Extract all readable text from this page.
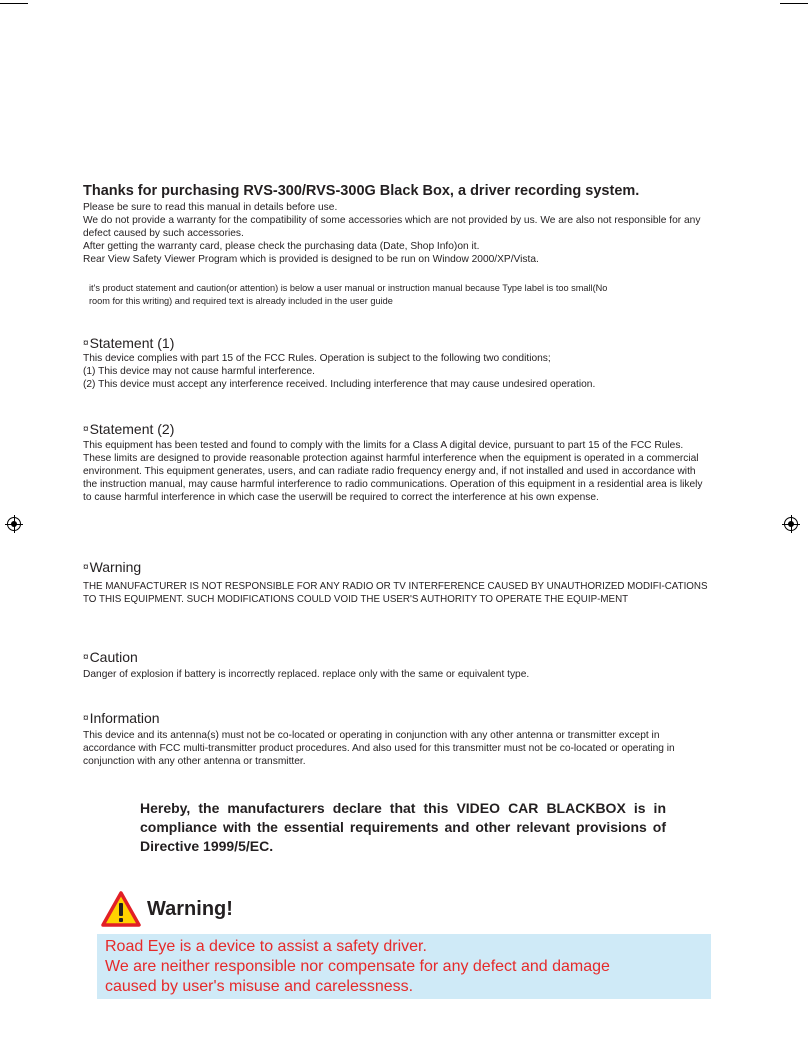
Thanks for purchasing RVS-300/RVS-300G Black Box, a driver recording system.

Please be sure to read this manual in details before use.

We do not provide a warranty for the compatibility of some accessories which are not provided by us. We are also not responsible for any defect caused by such accessories.

After getting the warranty card, please check the purchasing data (Date, Shop Info)on it.

Rear View Safety Viewer Program which is provided is designed to be run on Window 2000/XP/Vista.

it's product statement and caution(or attention) is below a user manual or instruction manual because Type label is too small(No room for this writing) and required text is already included in the user guide
¤Statement (1)
This device complies with part 15 of the FCC Rules. Operation is subject to the following two conditions;
(1) This device may not cause harmful interference.
(2) This device must accept any interference received. Including interference that may cause undesired operation.
¤Statement (2)
This equipment has been tested and found to comply with the limits for a Class A digital device, pursuant to part 15 of the FCC Rules. These limits are designed to provide reasonable protection against harmful interference when the equipment is operated in a commercial environment. This equipment generates, users, and can radiate radio frequency energy and, if not installed and used in accordance with the instruction manual, may cause harmful interference to radio communications. Operation of this equipment in a residential area is likely to cause harmful interference in which case the userwill be required to correct the interference at his own expense.
¤Warning
THE MANUFACTURER IS NOT RESPONSIBLE FOR ANY RADIO OR TV INTERFERENCE CAUSED BY UNAUTHORIZED MODIFI-CATIONS TO THIS EQUIPMENT. SUCH MODIFICATIONS COULD VOID THE USER'S AUTHORITY TO OPERATE THE EQUIP-MENT
¤Caution
Danger of explosion if battery is incorrectly replaced. replace only with the same or equivalent type.
¤Information
This device and its antenna(s) must not be co-located or operating in conjunction with any other antenna or transmitter except in accordance with FCC multi-transmitter product procedures. And also used for this transmitter must not be co-located or operating in conjunction with any other antenna or transmitter.
Hereby, the manufacturers declare that this VIDEO CAR BLACKBOX is in compliance with the essential requirements and other relevant provisions of Directive 1999/5/EC.
Warning!
Road Eye is a device to assist a safety driver.
We are neither responsible nor compensate for any defect and damage
caused by user's misuse and carelessness.
